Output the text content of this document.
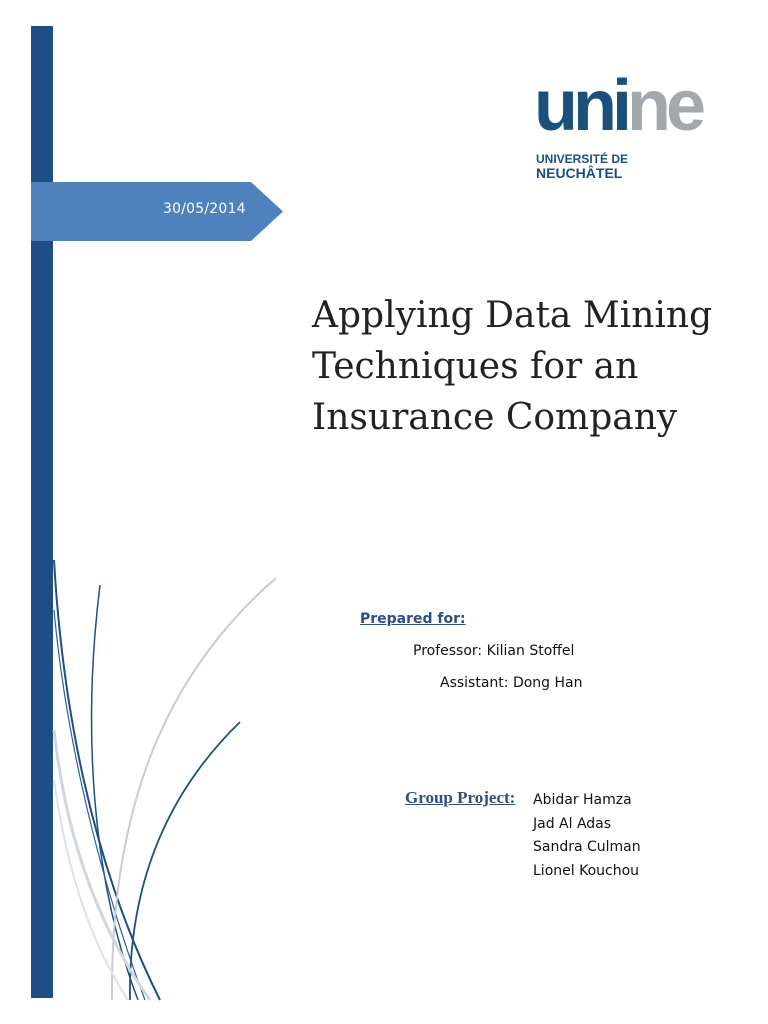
30/05/2014
unine
UNIVERSITÉ DE
NEUCHÂTEL
Applying Data Mining Techniques for an Insurance Company
Prepared for:
Professor: Kilian Stoffel
Assistant: Dong Han
Group Project: Abidar Hamza
Jad Al Adas
Sandra Culman
Lionel Kouchou
